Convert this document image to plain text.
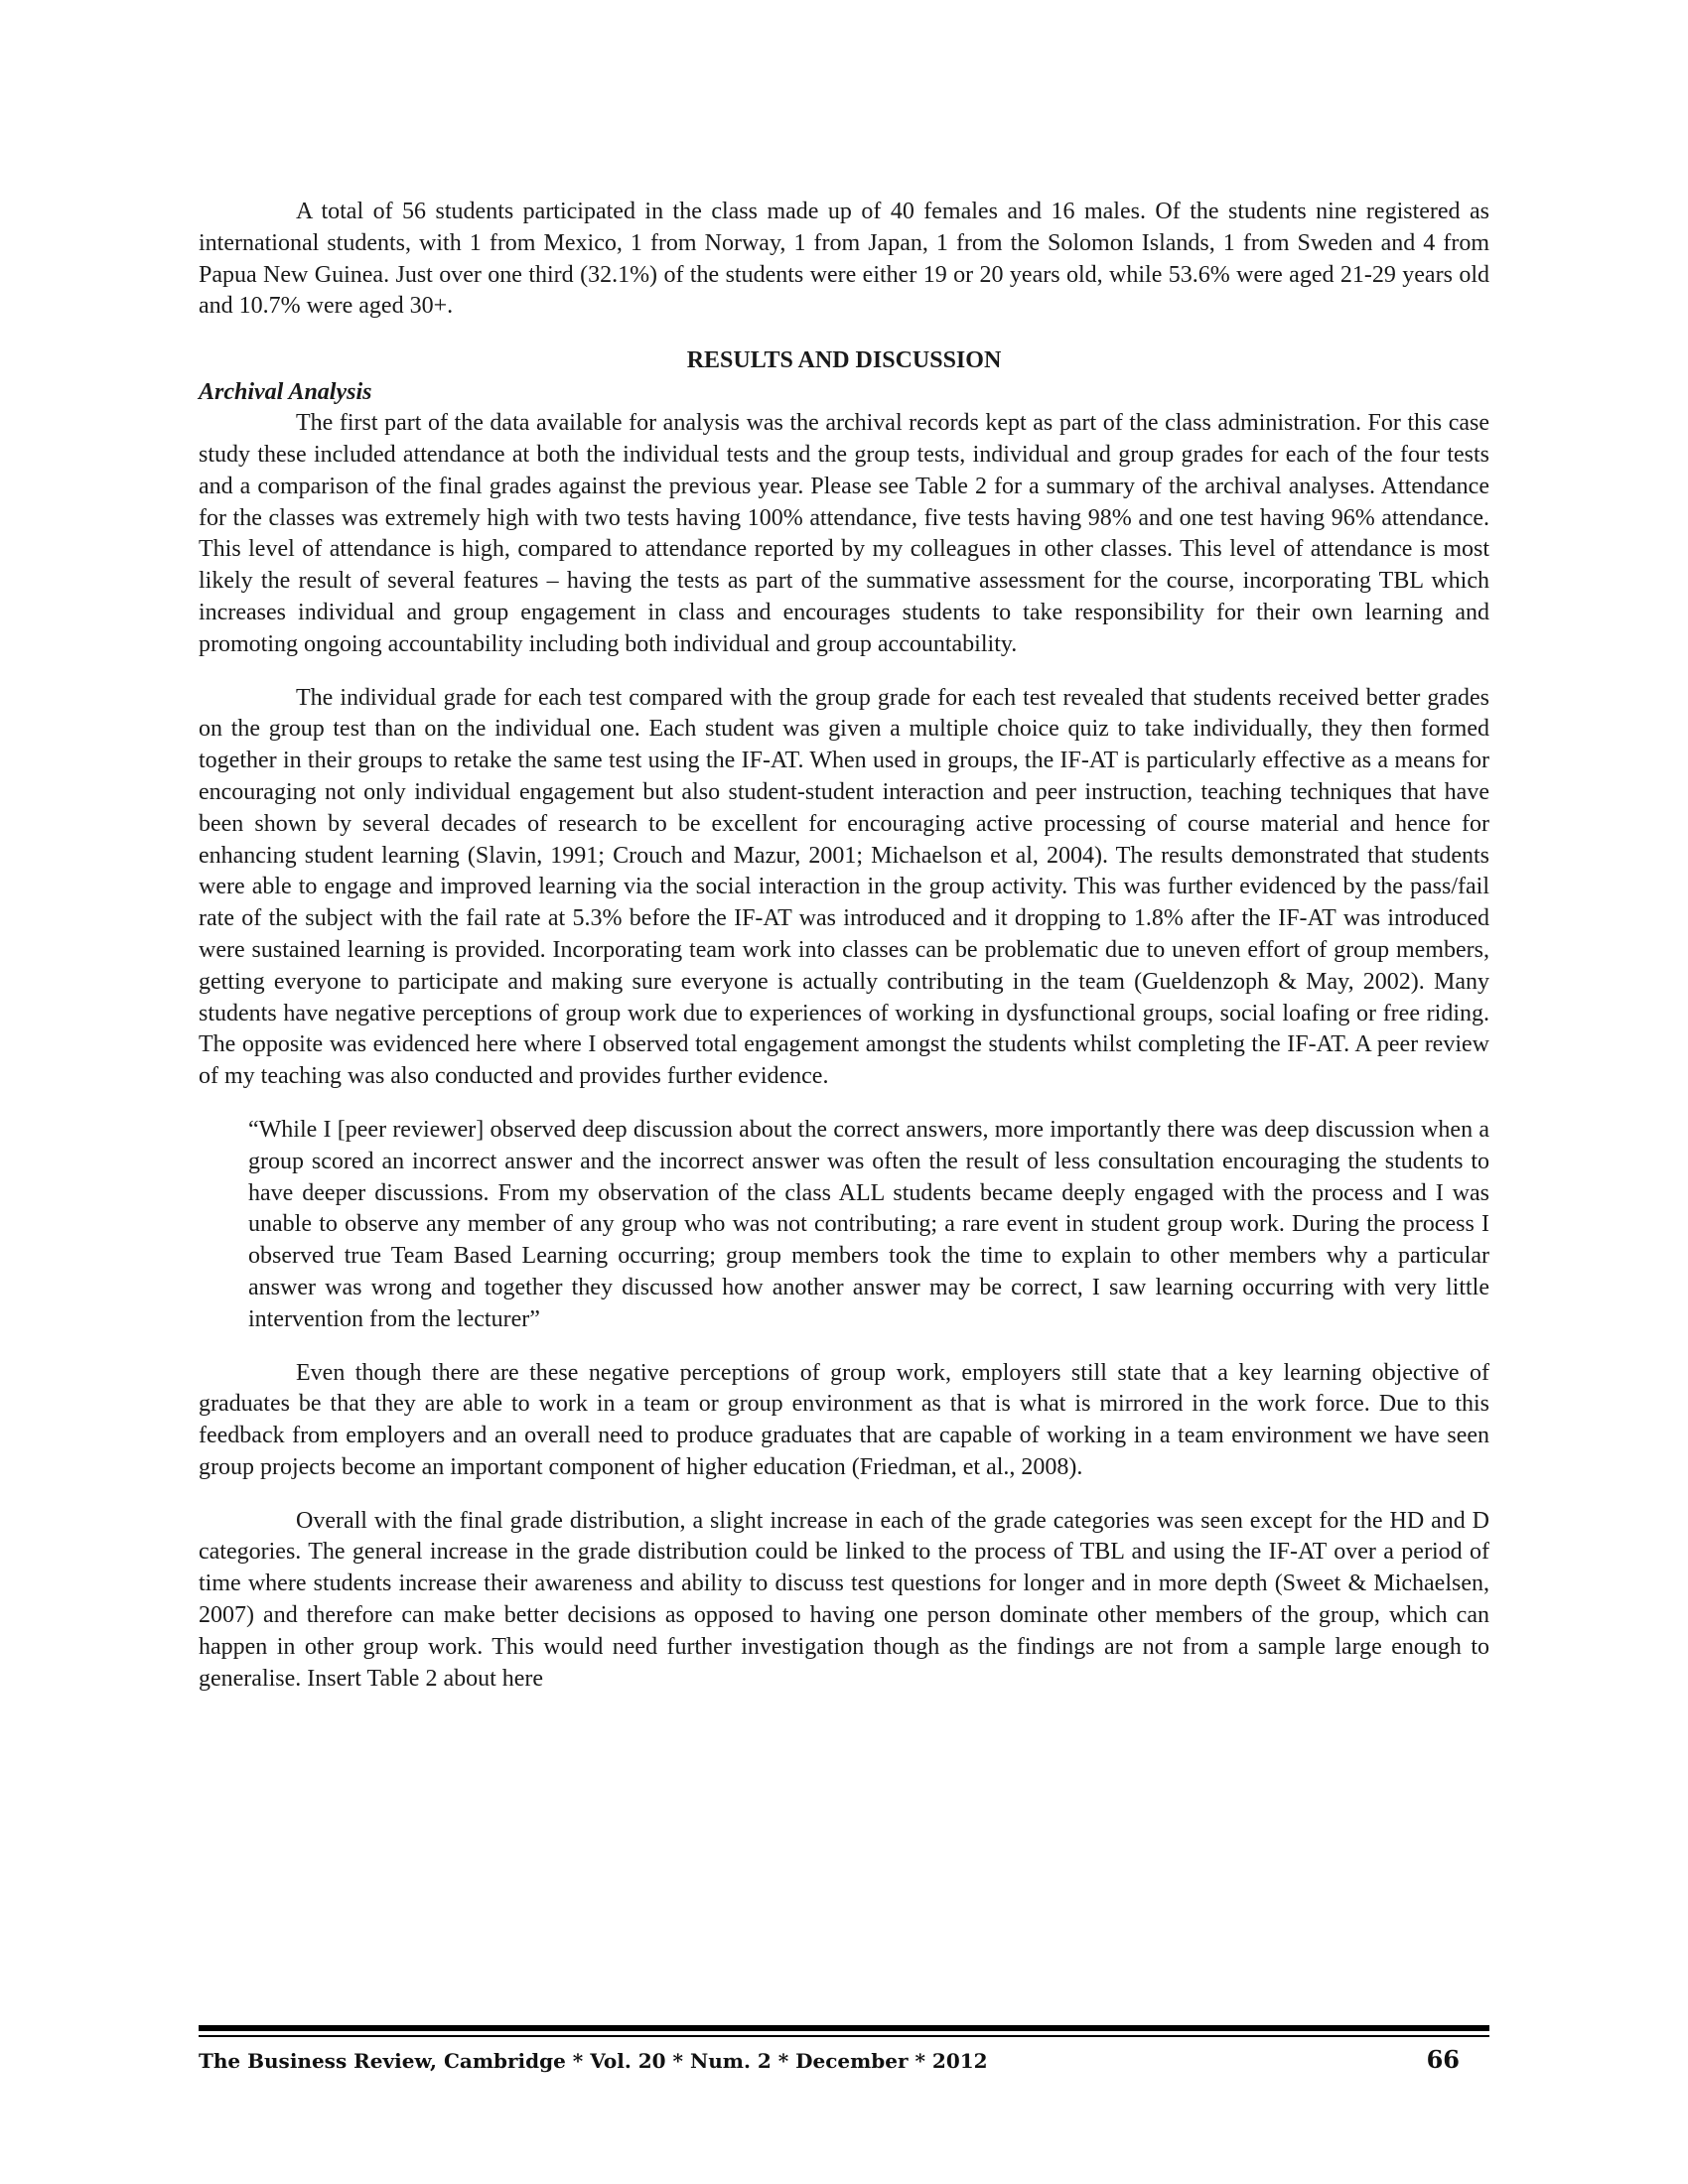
A total of 56 students participated in the class made up of 40 females and 16 males. Of the students nine registered as international students, with 1 from Mexico, 1 from Norway, 1 from Japan, 1 from the Solomon Islands, 1 from Sweden and 4 from Papua New Guinea. Just over one third (32.1%) of the students were either 19 or 20 years old, while 53.6% were aged 21-29 years old and 10.7% were aged 30+.

RESULTS AND DISCUSSION
Archival Analysis

The first part of the data available for analysis was the archival records kept as part of the class administration. For this case study these included attendance at both the individual tests and the group tests, individual and group grades for each of the four tests and a comparison of the final grades against the previous year. Please see Table 2 for a summary of the archival analyses. Attendance for the classes was extremely high with two tests having 100% attendance, five tests having 98% and one test having 96% attendance. This level of attendance is high, compared to attendance reported by my colleagues in other classes. This level of attendance is most likely the result of several features – having the tests as part of the summative assessment for the course, incorporating TBL which increases individual and group engagement in class and encourages students to take responsibility for their own learning and promoting ongoing accountability including both individual and group accountability.

The individual grade for each test compared with the group grade for each test revealed that students received better grades on the group test than on the individual one. Each student was given a multiple choice quiz to take individually, they then formed together in their groups to retake the same test using the IF-AT. When used in groups, the IF-AT is particularly effective as a means for encouraging not only individual engagement but also student-student interaction and peer instruction, teaching techniques that have been shown by several decades of research to be excellent for encouraging active processing of course material and hence for enhancing student learning (Slavin, 1991; Crouch and Mazur, 2001; Michaelson et al, 2004). The results demonstrated that students were able to engage and improved learning via the social interaction in the group activity. This was further evidenced by the pass/fail rate of the subject with the fail rate at 5.3% before the IF-AT was introduced and it dropping to 1.8% after the IF-AT was introduced were sustained learning is provided. Incorporating team work into classes can be problematic due to uneven effort of group members, getting everyone to participate and making sure everyone is actually contributing in the team (Gueldenzoph & May, 2002). Many students have negative perceptions of group work due to experiences of working in dysfunctional groups, social loafing or free riding. The opposite was evidenced here where I observed total engagement amongst the students whilst completing the IF-AT. A peer review of my teaching was also conducted and provides further evidence.

“While I [peer reviewer] observed deep discussion about the correct answers, more importantly there was deep discussion when a group scored an incorrect answer and the incorrect answer was often the result of less consultation encouraging the students to have deeper discussions. From my observation of the class ALL students became deeply engaged with the process and I was unable to observe any member of any group who was not contributing; a rare event in student group work. During the process I observed true Team Based Learning occurring; group members took the time to explain to other members why a particular answer was wrong and together they discussed how another answer may be correct, I saw learning occurring with very little intervention from the lecturer”

Even though there are these negative perceptions of group work, employers still state that a key learning objective of graduates be that they are able to work in a team or group environment as that is what is mirrored in the work force. Due to this feedback from employers and an overall need to produce graduates that are capable of working in a team environment we have seen group projects become an important component of higher education (Friedman, et al., 2008).

Overall with the final grade distribution, a slight increase in each of the grade categories was seen except for the HD and D categories. The general increase in the grade distribution could be linked to the process of TBL and using the IF-AT over a period of time where students increase their awareness and ability to discuss test questions for longer and in more depth (Sweet & Michaelsen, 2007) and therefore can make better decisions as opposed to having one person dominate other members of the group, which can happen in other group work. This would need further investigation though as the findings are not from a sample large enough to generalise. Insert Table 2 about here

The Business Review, Cambridge * Vol. 20 * Num. 2 * December * 2012	66
